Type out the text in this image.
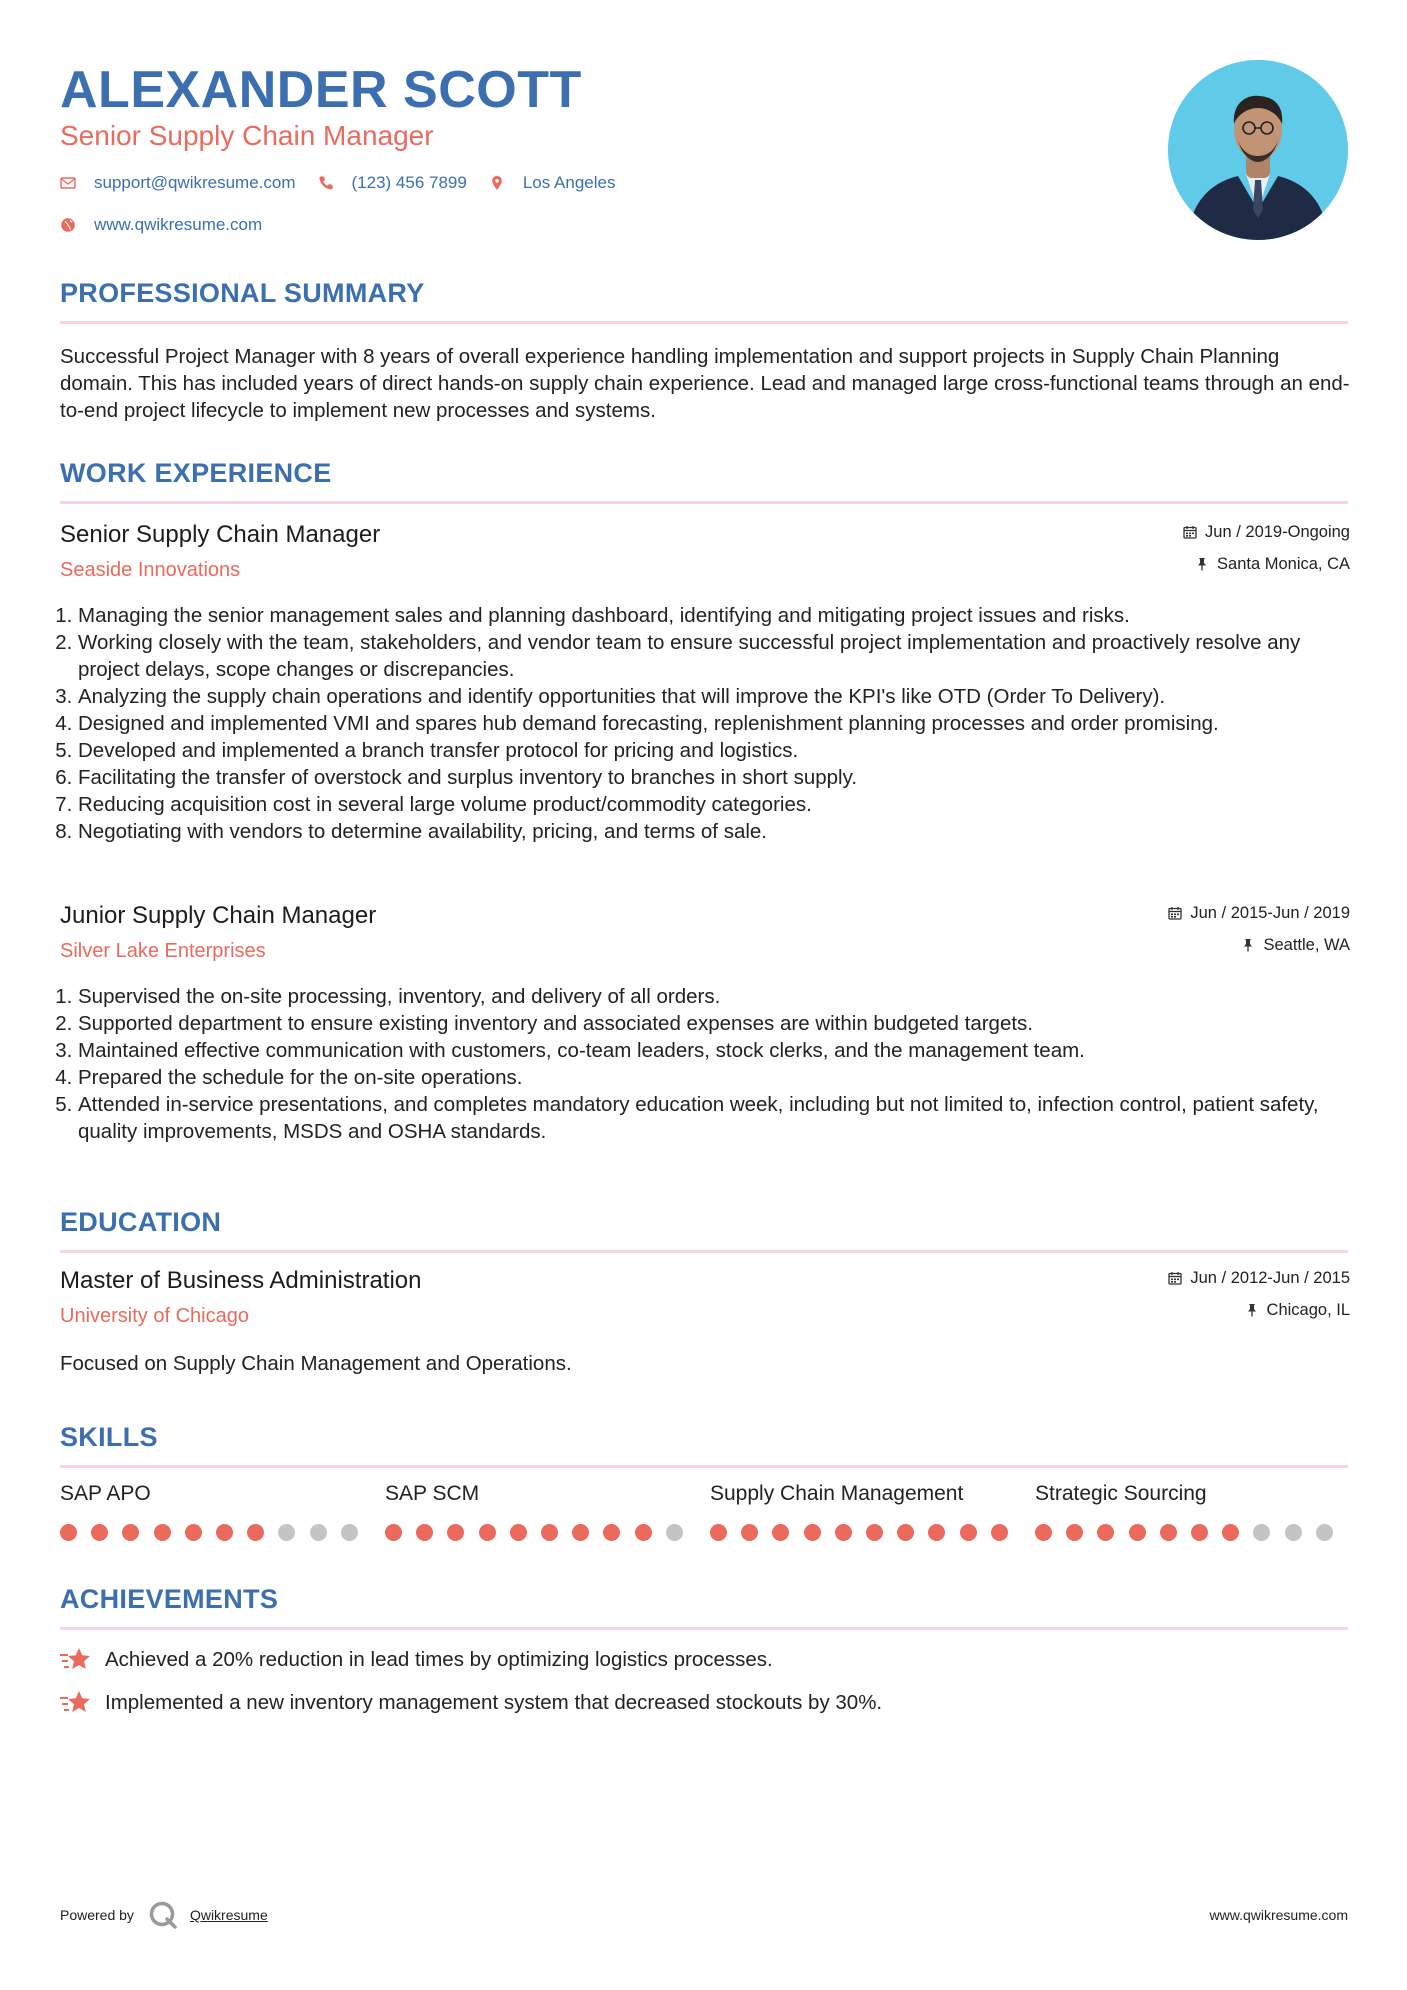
ALEXANDER SCOTT
Senior Supply Chain Manager
support@qwikresume.com	(123) 456 7899	Los Angeles
www.qwikresume.com
PROFESSIONAL SUMMARY
Successful Project Manager with 8 years of overall experience handling implementation and support projects in Supply Chain Planning domain. This has included years of direct hands-on supply chain experience. Lead and managed large cross-functional teams through an end-to-end project lifecycle to implement new processes and systems.
WORK EXPERIENCE
Senior Supply Chain Manager
Seaside Innovations
Jun / 2019-Ongoing
Santa Monica, CA
1. Managing the senior management sales and planning dashboard, identifying and mitigating project issues and risks.
2. Working closely with the team, stakeholders, and vendor team to ensure successful project implementation and proactively resolve any project delays, scope changes or discrepancies.
3. Analyzing the supply chain operations and identify opportunities that will improve the KPI's like OTD (Order To Delivery).
4. Designed and implemented VMI and spares hub demand forecasting, replenishment planning processes and order promising.
5. Developed and implemented a branch transfer protocol for pricing and logistics.
6. Facilitating the transfer of overstock and surplus inventory to branches in short supply.
7. Reducing acquisition cost in several large volume product/commodity categories.
8. Negotiating with vendors to determine availability, pricing, and terms of sale.
Junior Supply Chain Manager
Silver Lake Enterprises
Jun / 2015-Jun / 2019
Seattle, WA
1. Supervised the on-site processing, inventory, and delivery of all orders.
2. Supported department to ensure existing inventory and associated expenses are within budgeted targets.
3. Maintained effective communication with customers, co-team leaders, stock clerks, and the management team.
4. Prepared the schedule for the on-site operations.
5. Attended in-service presentations, and completes mandatory education week, including but not limited to, infection control, patient safety, quality improvements, MSDS and OSHA standards.
EDUCATION
Master of Business Administration
University of Chicago
Jun / 2012-Jun / 2015
Chicago, IL
Focused on Supply Chain Management and Operations.
SKILLS
SAP APO	SAP SCM	Supply Chain Management	Strategic Sourcing
ACHIEVEMENTS
Achieved a 20% reduction in lead times by optimizing logistics processes.
Implemented a new inventory management system that decreased stockouts by 30%.
Powered by	Qwikresume	www.qwikresume.com
